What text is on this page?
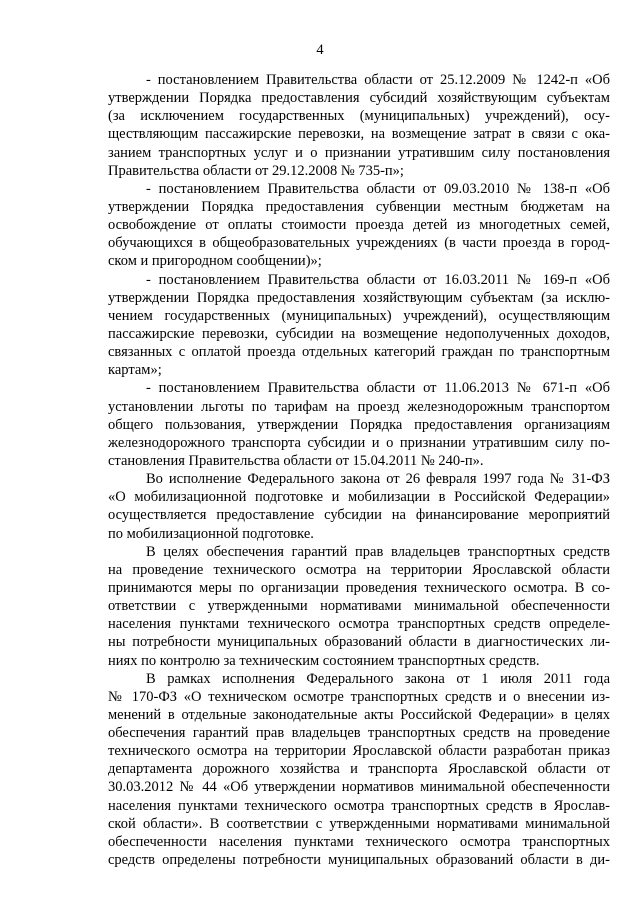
4
- постановлением Правительства области от 25.12.2009 № 1242-п «Об
утверждении Порядка предоставления субсидий хозяйствующим субъектам
(за исключением государственных (муниципальных) учреждений), осу-
ществляющим пассажирские перевозки, на возмещение затрат в связи с ока-
занием транспортных услуг и о признании утратившим силу постановления
Правительства области от 29.12.2008 № 735-п»;
- постановлением Правительства области от 09.03.2010 № 138-п «Об
утверждении Порядка предоставления субвенции местным бюджетам на
освобождение от оплаты стоимости проезда детей из многодетных семей,
обучающихся в общеобразовательных учреждениях (в части проезда в город-
ском и пригородном сообщении)»;
- постановлением Правительства области от 16.03.2011 № 169-п «Об
утверждении Порядка предоставления хозяйствующим субъектам (за исклю-
чением государственных (муниципальных) учреждений), осуществляющим
пассажирские перевозки, субсидии на возмещение недополученных доходов,
связанных с оплатой проезда отдельных категорий граждан по транспортным
картам»;
- постановлением Правительства области от 11.06.2013 № 671-п «Об
установлении льготы по тарифам на проезд железнодорожным транспортом
общего пользования, утверждении Порядка предоставления организациям
железнодорожного транспорта субсидии и о признании утратившим силу по-
становления Правительства области от 15.04.2011 № 240-п».
Во исполнение Федерального закона от 26 февраля 1997 года № 31-ФЗ
«О мобилизационной подготовке и мобилизации в Российской Федерации»
осуществляется предоставление субсидии на финансирование мероприятий
по мобилизационной подготовке.
В целях обеспечения гарантий прав владельцев транспортных средств
на проведение технического осмотра на территории Ярославской области
принимаются меры по организации проведения технического осмотра. В со-
ответствии с утвержденными нормативами минимальной обеспеченности
населения пунктами технического осмотра транспортных средств определе-
ны потребности муниципальных образований области в диагностических ли-
ниях по контролю за техническим состоянием транспортных средств.
В рамках исполнения Федерального закона от 1 июля 2011 года
№ 170-ФЗ «О техническом осмотре транспортных средств и о внесении из-
менений в отдельные законодательные акты Российской Федерации» в целях
обеспечения гарантий прав владельцев транспортных средств на проведение
технического осмотра на территории Ярославской области разработан приказ
департамента дорожного хозяйства и транспорта Ярославской области от
30.03.2012 № 44 «Об утверждении нормативов минимальной обеспеченности
населения пунктами технического осмотра транспортных средств в Ярослав-
ской области». В соответствии с утвержденными нормативами минимальной
обеспеченности населения пунктами технического осмотра транспортных
средств определены потребности муниципальных образований области в ди-
